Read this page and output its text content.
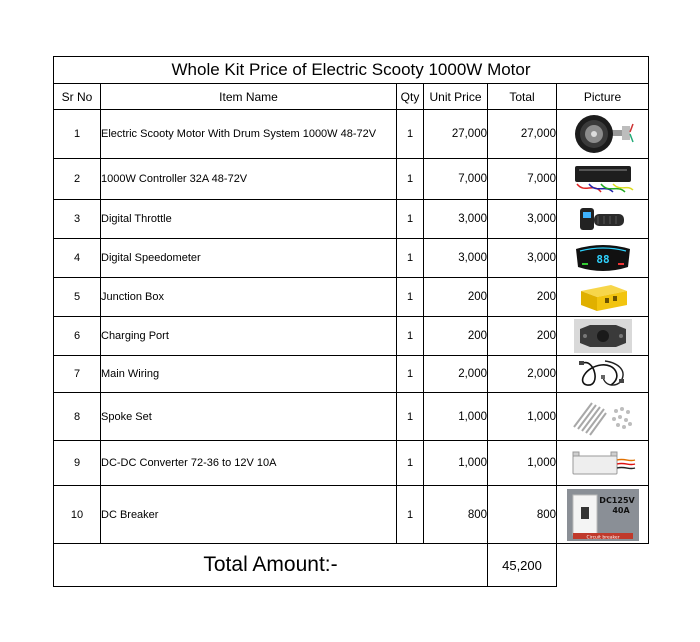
Whole Kit Price of Electric Scooty 1000W Motor					
Sr No	Item Name	Qty	Unit Price	Total	Picture
1	Electric Scooty Motor With Drum System 1000W 48-72V	1	27,000	27,000	

2	1000W Controller 32A 48-72V	1	7,000	7,000	

3	Digital Throttle	1	3,000	3,000	

4	Digital Speedometer	1	3,000	3,000	88

5	Junction Box	1	200	200	

6	Charging Port	1	200	200	

7	Main Wiring	1	2,000	2,000	

8	Spoke Set	1	1,000	1,000	

9	DC-DC Converter 72-36 to 12V 10A	1	1,000	1,000	

10	DC Breaker	1	800	800	DC125V
40A
Circuit breaker

Total Amount:-				45,200	
